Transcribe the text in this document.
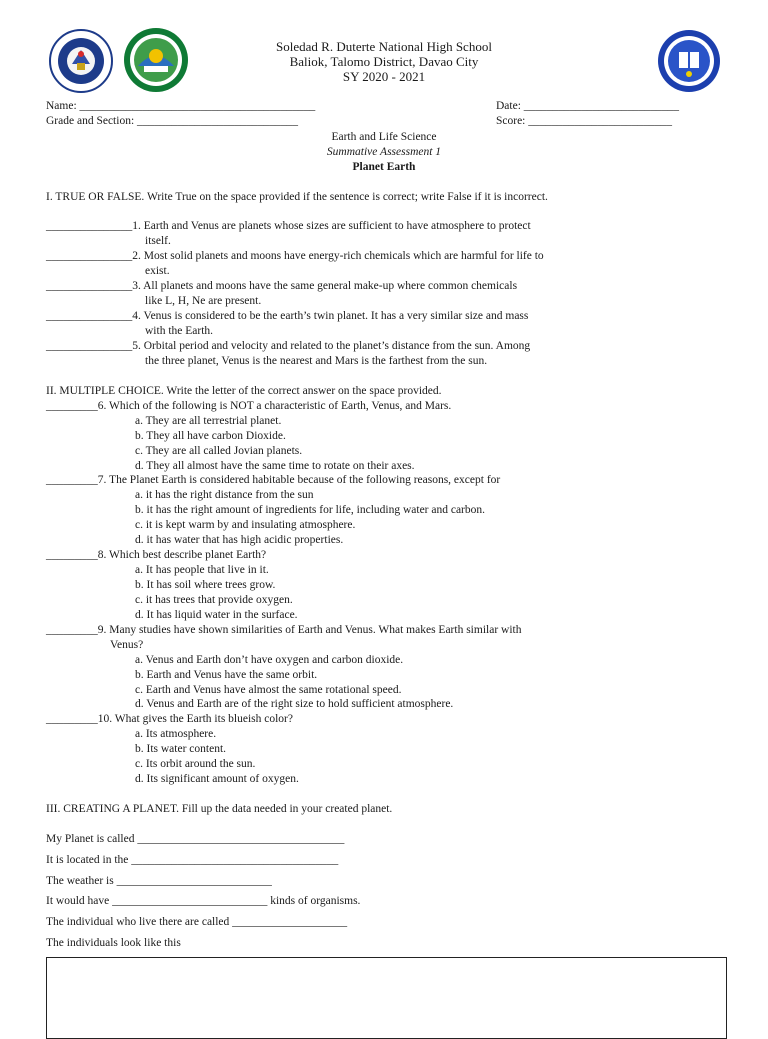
Soledad R. Duterte National High School
Baliok, Talomo District, Davao City
SY 2020 - 2021
Name: _________________________________________	Date: ___________________________
Grade and Section: ____________________________	Score: _________________________
Earth and Life Science
Summative Assessment 1
Planet Earth
I. TRUE OR FALSE. Write True on the space provided if the sentence is correct; write False if it is incorrect.
_______________1. Earth and Venus are planets whose sizes are sufficient to have atmosphere to protect
itself.
_______________2. Most solid planets and moons have energy-rich chemicals which are harmful for life to
exist.
_______________3. All planets and moons have the same general make-up where common chemicals
like L, H, Ne are present.
_______________4. Venus is considered to be the earth’s twin planet. It has a very similar size and mass
with the Earth.
_______________5. Orbital period and velocity and related to the planet’s distance from the sun. Among
the three planet, Venus is the nearest and Mars is the farthest from the sun.
II. MULTIPLE CHOICE. Write the letter of the correct answer on the space provided.
_________6. Which of the following is NOT a characteristic of Earth, Venus, and Mars.
a. They are all terrestrial planet.
b. They all have carbon Dioxide.
c. They are all called Jovian planets.
d. They all almost have the same time to rotate on their axes.
_________7. The Planet Earth is considered habitable because of the following reasons, except for
a. it has the right distance from the sun
b. it has the right amount of ingredients for life, including water and carbon.
c. it is kept warm by and insulating atmosphere.
d. it has water that has high acidic properties.
_________8. Which best describe planet Earth?
a. It has people that live in it.
b. It has soil where trees grow.
c. it has trees that provide oxygen.
d. It has liquid water in the surface.
_________9. Many studies have shown similarities of Earth and Venus. What makes Earth similar with
Venus?
a. Venus and Earth don’t have oxygen and carbon dioxide.
b. Earth and Venus have the same orbit.
c. Earth and Venus have almost the same rotational speed.
d. Venus and Earth are of the right size to hold sufficient atmosphere.
_________10. What gives the Earth its blueish color?
a. Its atmosphere.
b. Its water content.
c. Its orbit around the sun.
d. Its significant amount of oxygen.
III. CREATING A PLANET. Fill up the data needed in your created planet.
My Planet is called ____________________________________
It is located in the ____________________________________
The weather is ___________________________
It would have ___________________________ kinds of organisms.
The individual who live there are called ____________________
The individuals look like this
